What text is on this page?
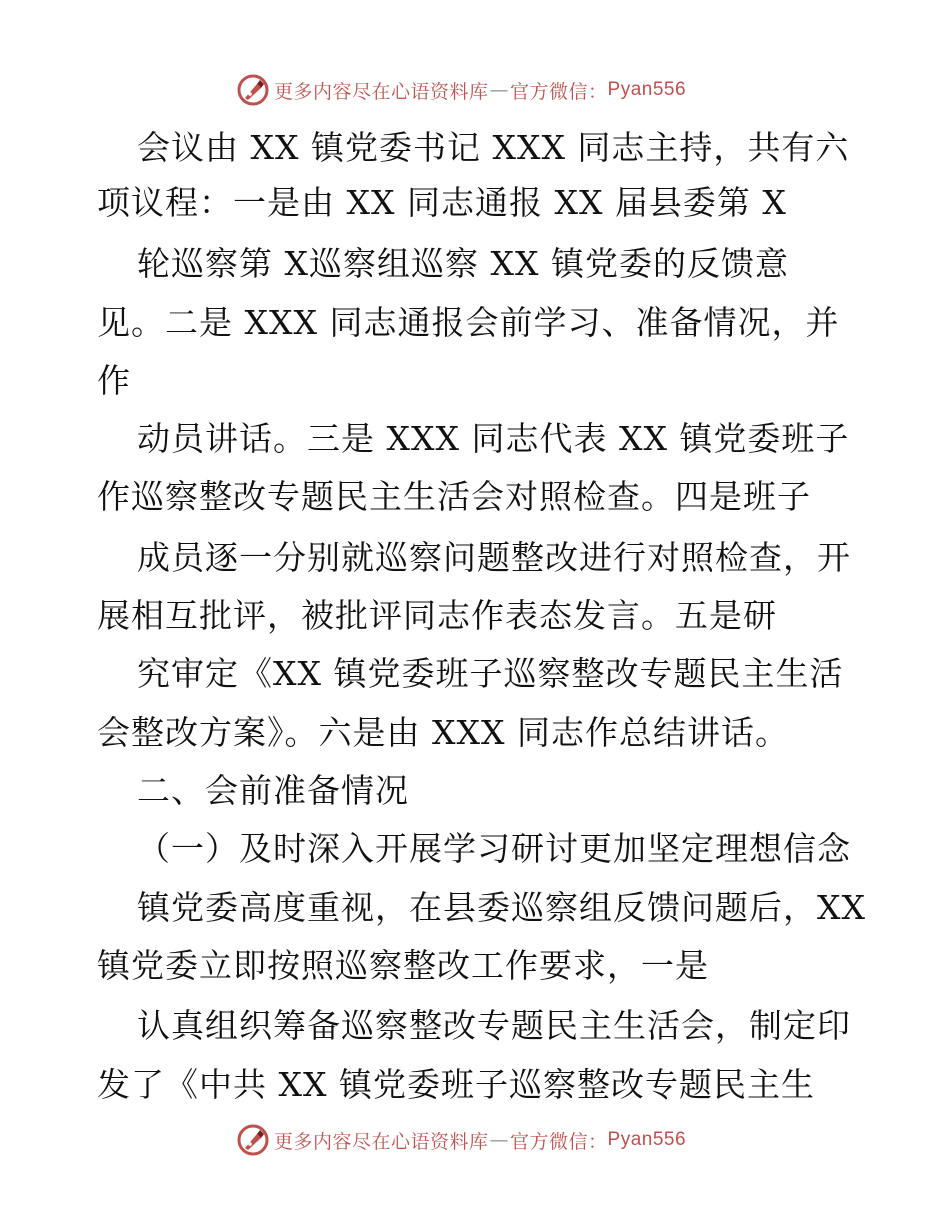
更多内容尽在心语资料库 — 官方微信： Pyan556
会议由 XX 镇党委书记 XXX 同志主持，共有六
项议程：一是由 XX 同志通报 XX 届县委第 X
轮巡察第 X巡察组巡察 XX 镇党委的反馈意
见。二是 XXX 同志通报会前学习、准备情况，并
作
动员讲话。三是 XXX 同志代表 XX 镇党委班子
作巡察整改专题民主生活会对照检查。四是班子
成员逐一分别就巡察问题整改进行对照检查，开
展相互批评，被批评同志作表态发言。五是研
究审定《XX 镇党委班子巡察整改专题民主生活
会整改方案》。六是由 XXX 同志作总结讲话。
二、会前准备情况
（一）及时深入开展学习研讨更加坚定理想信念
镇党委高度重视，在县委巡察组反馈问题后，XX
镇党委立即按照巡察整改工作要求，一是
认真组织筹备巡察整改专题民主生活会，制定印
发了《中共 XX 镇党委班子巡察整改专题民主生
更多内容尽在心语资料库 — 官方微信： Pyan556
